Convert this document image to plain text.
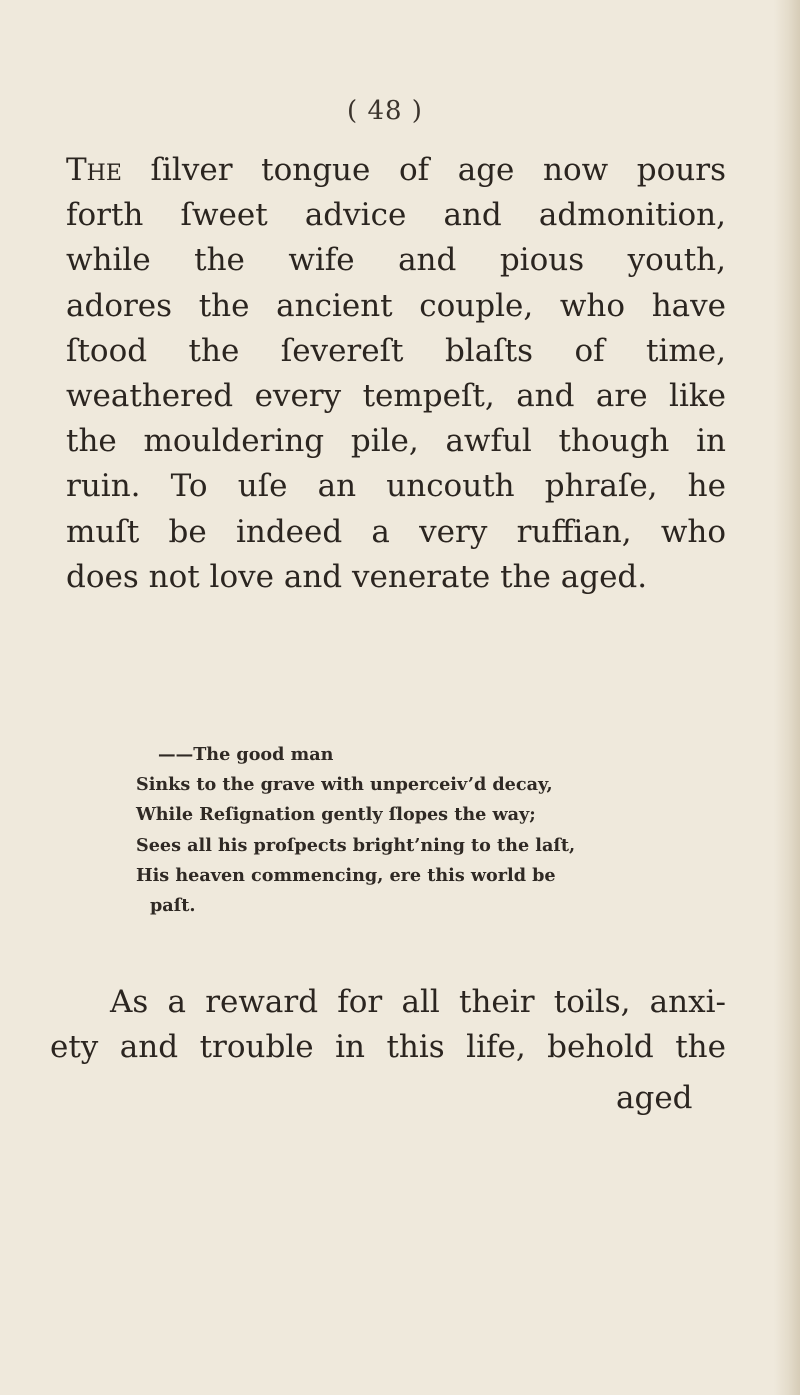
( 48 )
The ſilver tongue of age now pours
forth ſweet advice and admonition,
while the wife and pious youth,
adores the ancient couple, who have
ſtood the ſevereſt blaſts of time,
weathered every tempeſt, and are like
the mouldering pile, awful though in
ruin. To uſe an uncouth phraſe, he
muſt be indeed a very ruffian, who
does not love and venerate the aged.
——The good man
Sinks to the grave with unperceiv’d decay,
While Reſignation gently ſlopes the way;
Sees all his proſpects bright’ning to the laſt,
His heaven commencing, ere this world be
paſt.
As a reward for all their toils, anxi-
ety and trouble in this life, behold the
aged
